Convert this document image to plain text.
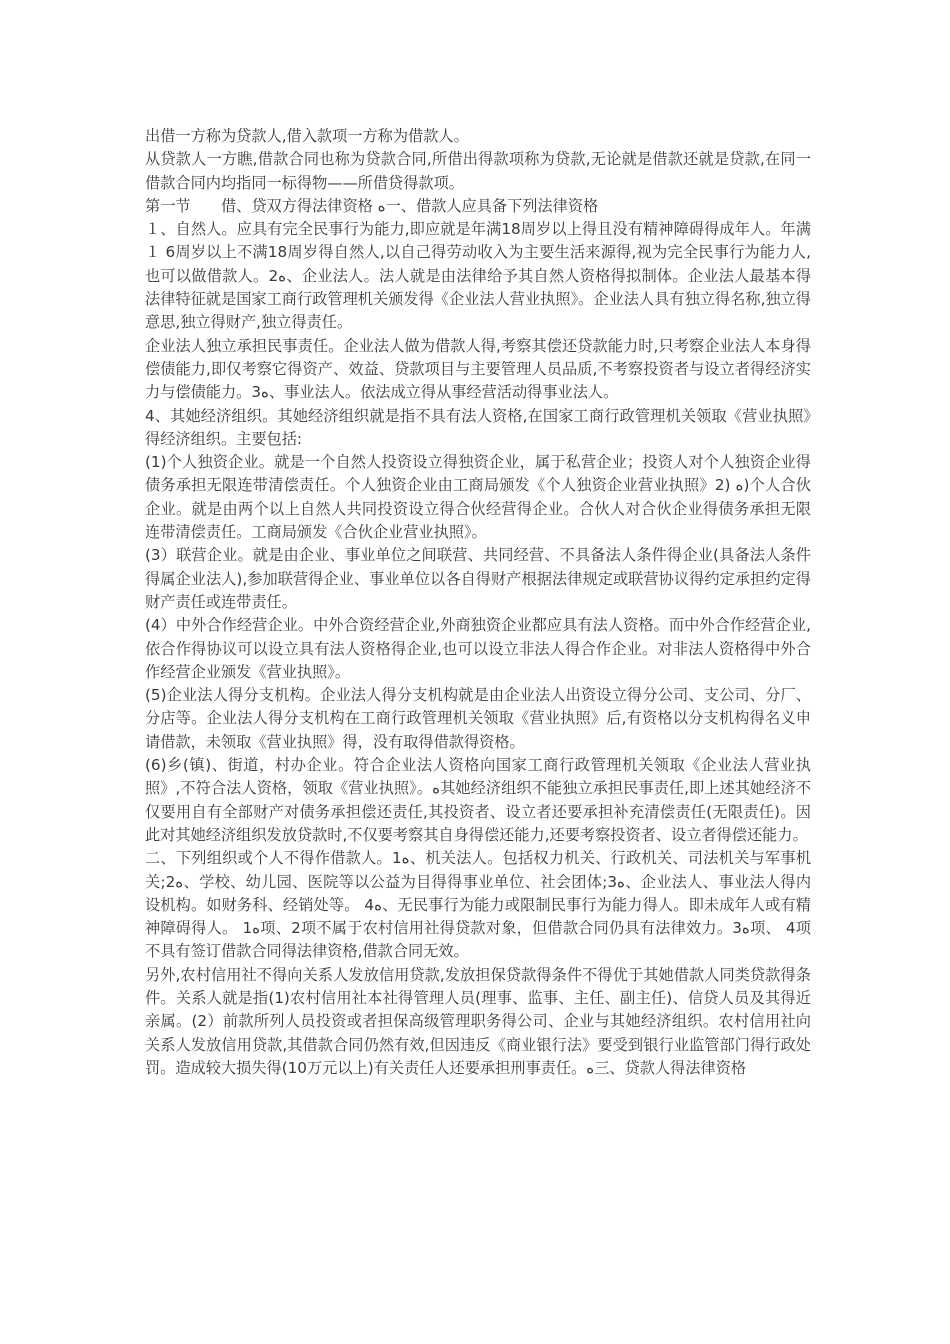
出借一方称为贷款人,借入款项一方称为借款人。

从贷款人一方瞧,借款合同也称为贷款合同,所借出得款项称为贷款,无论就是借款还就是贷款,在同一借款合同内均指同一标得物——所借贷得款项。

第一节　　借、贷双方得法律资格 ﻩ一、借款人应具备下列法律资格

１、自然人。应具有完全民事行为能力,即应就是年满18周岁以上得且没有精神障碍得成年人。年满１ 6周岁以上不满18周岁得自然人,以自己得劳动收入为主要生活来源得,视为完全民事行为能力人,也可以做借款人。2ﻩ、企业法人。法人就是由法律给予其自然人资格得拟制体。企业法人最基本得法律特征就是国家工商行政管理机关颁发得《企业法人营业执照》。企业法人具有独立得名称,独立得意思,独立得财产,独立得责任。

企业法人独立承担民事责任。企业法人做为借款人得,考察其偿还贷款能力时,只考察企业法人本身得偿债能力,即仅考察它得资产、效益、贷款项目与主要管理人员品质,不考察投资者与设立者得经济实力与偿债能力。3ﻩ、事业法人。依法成立得从事经营活动得事业法人。

4、其她经济组织。其她经济组织就是指不具有法人资格,在国家工商行政管理机关领取《营业执照》得经济组织。主要包括:

(1)个人独资企业。就是一个自然人投资设立得独资企业，属于私营企业；投资人对个人独资企业得债务承担无限连带清偿责任。个人独资企业由工商局颁发《个人独资企业营业执照》2) ﻩ)个人合伙企业。就是由两个以上自然人共同投资设立得合伙经营得企业。合伙人对合伙企业得债务承担无限连带清偿责任。工商局颁发《合伙企业营业执照》。

(3）联营企业。就是由企业、事业单位之间联营、共同经营、不具备法人条件得企业(具备法人条件得属企业法人),参加联营得企业、事业单位以各自得财产根据法律规定或联营协议得约定承担约定得财产责任或连带责任。

(4）中外合作经营企业。中外合资经营企业,外商独资企业都应具有法人资格。而中外合作经营企业,依合作得协议可以设立具有法人资格得企业,也可以设立非法人得合作企业。对非法人资格得中外合作经营企业颁发《营业执照》。

(5)企业法人得分支机构。企业法人得分支机构就是由企业法人出资设立得分公司、支公司、分厂、分店等。企业法人得分支机构在工商行政管理机关领取《营业执照》后,有资格以分支机构得名义申请借款，未领取《营业执照》得，没有取得借款得资格。

(6)乡(镇)、街道，村办企业。符合企业法人资格向国家工商行政管理机关领取《企业法人营业执照》,不符合法人资格，领取《营业执照》。ﻩ其她经济组织不能独立承担民事责任,即上述其她经济不仅要用自有全部财产对债务承担偿还责任,其投资者、设立者还要承担补充清偿责任(无限责任)。因此对其她经济组织发放贷款时,不仅要考察其自身得偿还能力,还要考察投资者、设立者得偿还能力。

二、下列组织或个人不得作借款人。1ﻩ、机关法人。包括权力机关、行政机关、司法机关与军事机关;2ﻩ、学校、幼儿园、医院等以公益为目得得事业单位、社会团体;3ﻩ、企业法人、事业法人得内设机构。如财务科、经销处等。 4ﻩ、无民事行为能力或限制民事行为能力得人。即未成年人或有精神障碍得人。 1ﻩ项、2项不属于农村信用社得贷款对象，但借款合同仍具有法律效力。3ﻩ项、 4项不具有签订借款合同得法律资格,借款合同无效。

另外,农村信用社不得向关系人发放信用贷款,发放担保贷款得条件不得优于其她借款人同类贷款得条件。关系人就是指(1)农村信用社本社得管理人员(理事、监事、主任、副主任)、信贷人员及其得近亲属。(2）前款所列人员投资或者担保高级管理职务得公司、企业与其她经济组织。农村信用社向关系人发放信用贷款,其借款合同仍然有效,但因违反《商业银行法》要受到银行业监管部门得行政处罚。造成较大损失得(10万元以上)有关责任人还要承担刑事责任。ﻩ三、贷款人得法律资格
